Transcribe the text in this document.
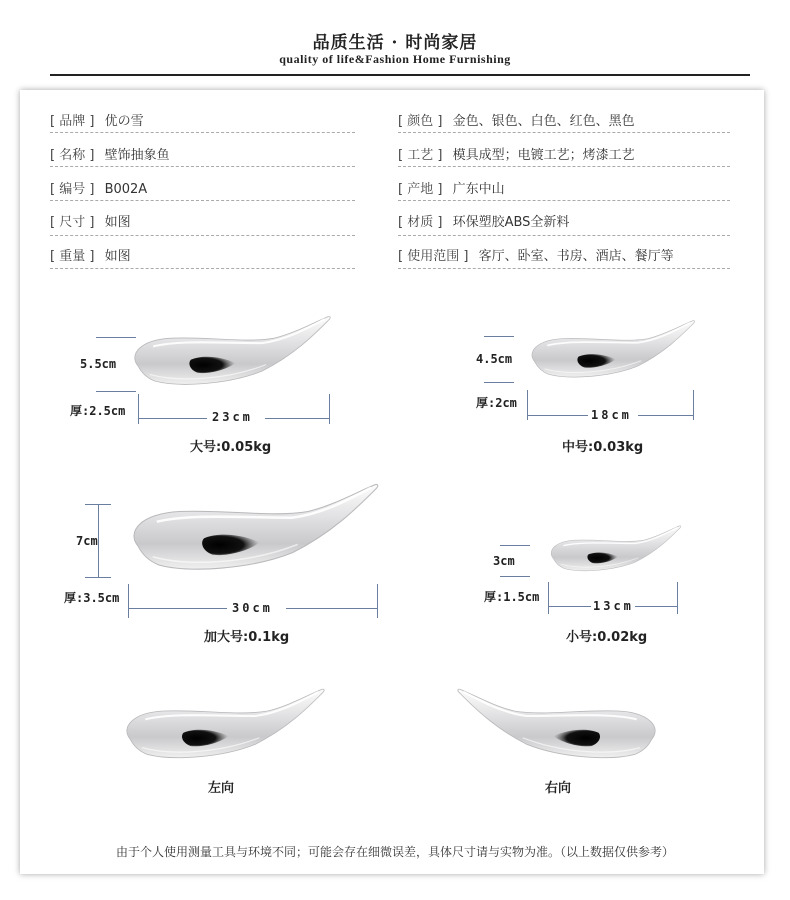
品质生活 · 时尚家居
quality of life&Fashion Home Furnishing
[ 品牌 ] 优の雪
[ 名称 ] 壁饰抽象鱼
[ 编号 ] B002A
[ 尺寸 ] 如图
[ 重量 ] 如图
[ 颜色 ] 金色、银色、白色、红色、黑色
[ 工艺 ] 模具成型；电镀工艺；烤漆工艺
[ 产地 ] 广东中山
[ 材质 ] 环保塑胶ABS全新料
[ 使用范围 ] 客厅、卧室、书房、酒店、餐厅等
5.5cm
厚:2.5cm	23cm
大号:0.05kg
4.5cm
厚:2cm
18cm
中号:0.03kg
7cm
厚:3.5cm
30cm
加大号:0.1kg
3cm
厚:1.5cm
13cm
小号:0.02kg
左向	右向
由于个人使用测量工具与环境不同；可能会存在细微误差，具体尺寸请与实物为准。（以上数据仅供参考）
